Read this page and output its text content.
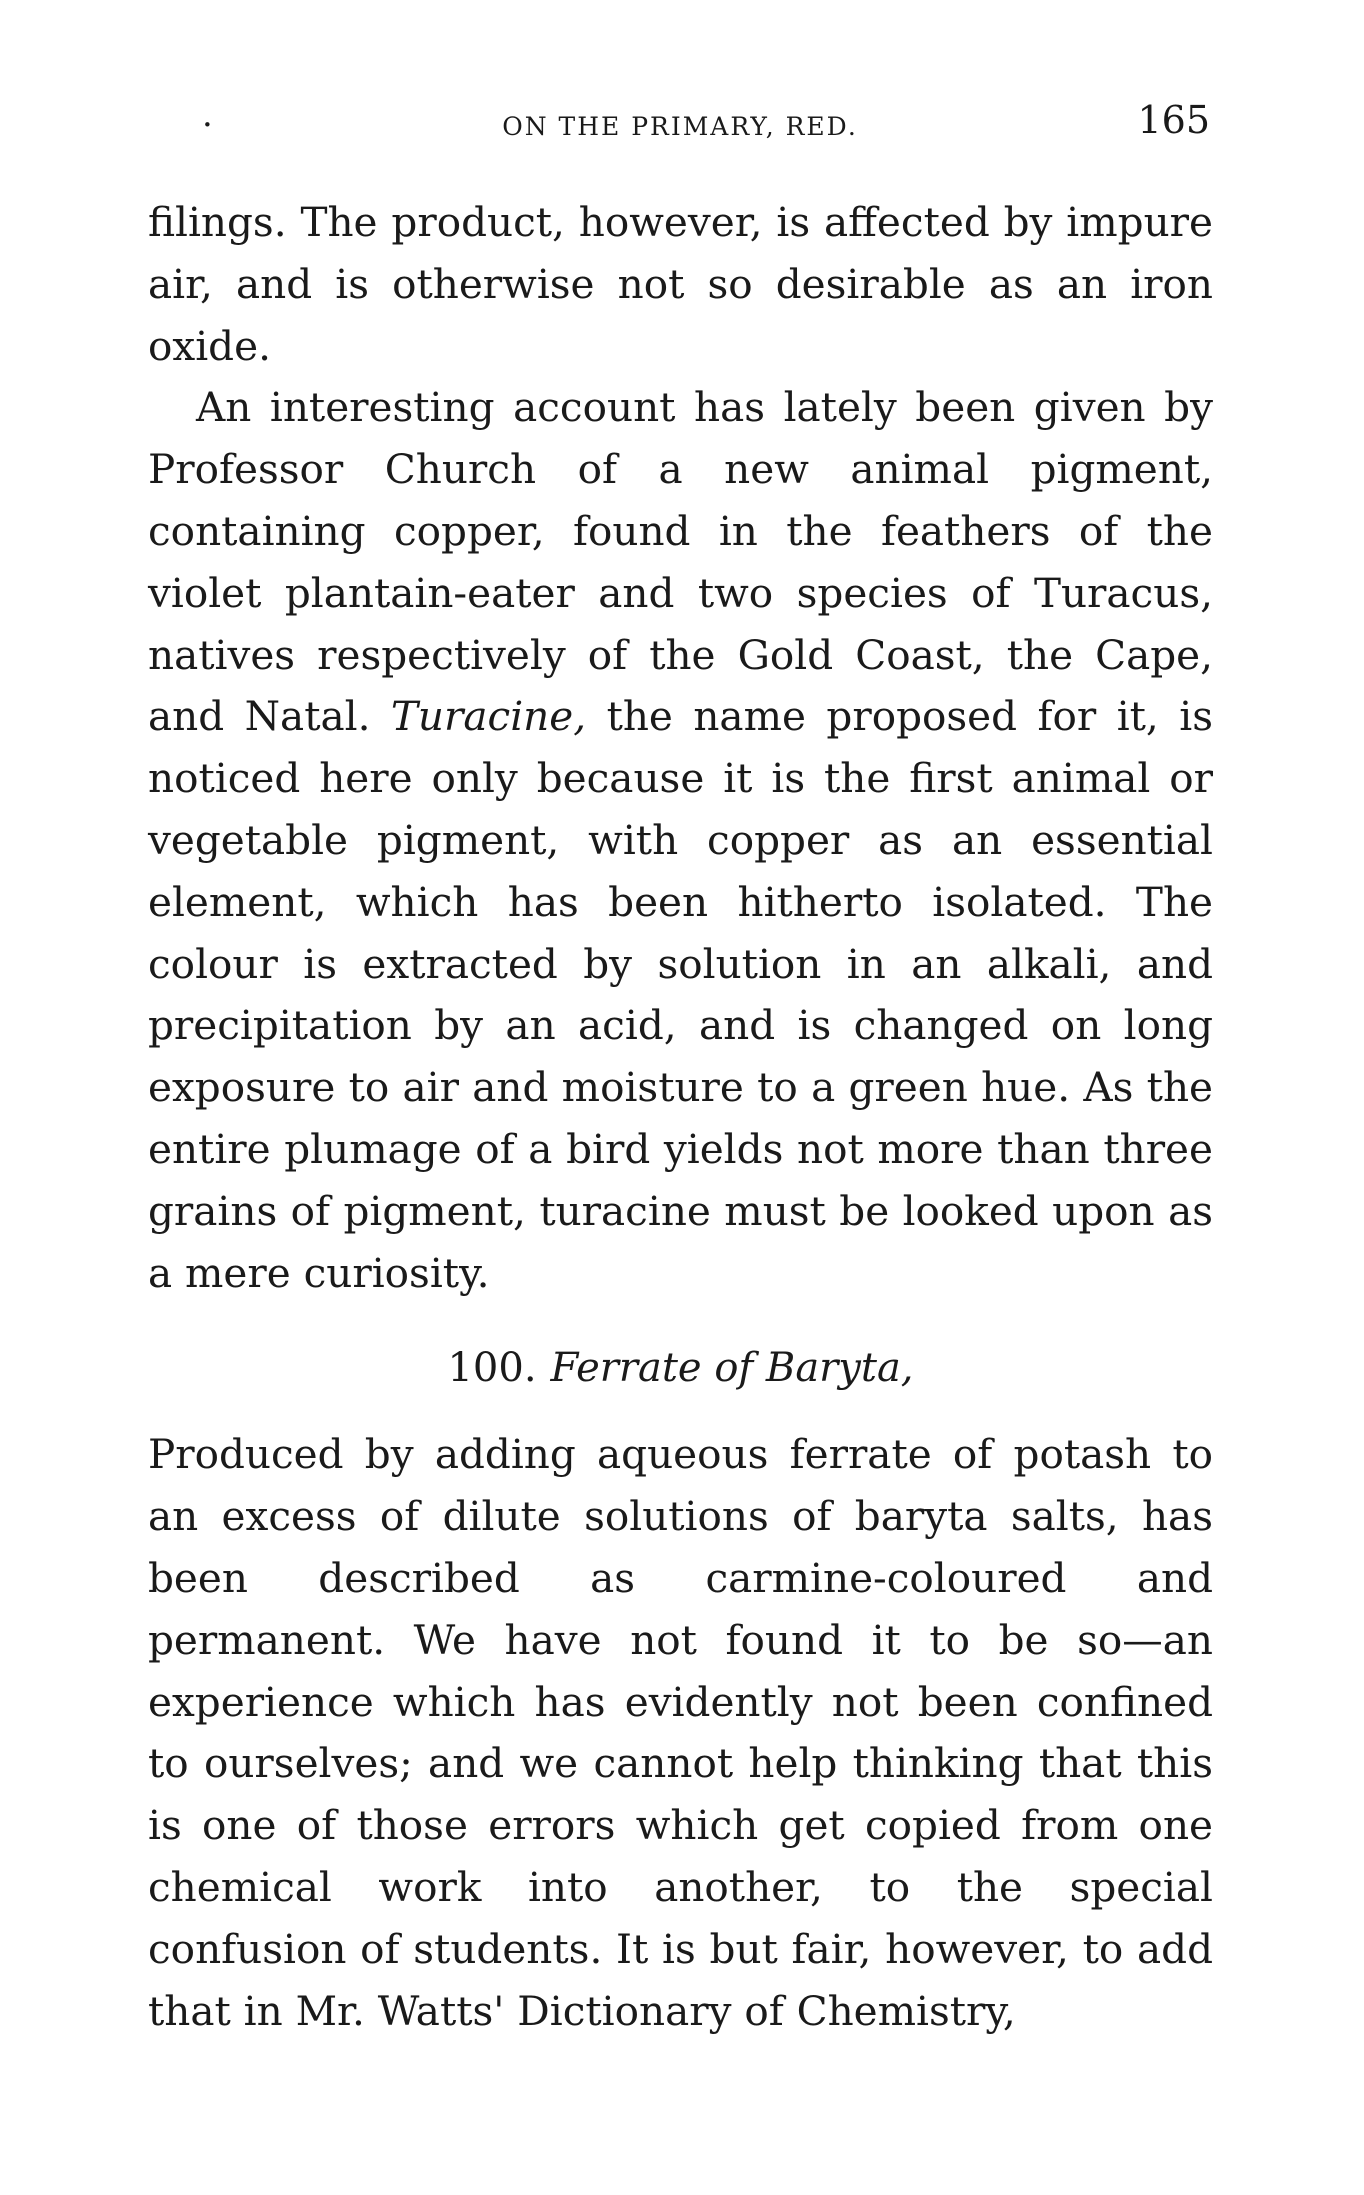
·	ON THE PRIMARY, RED.	165

filings. The product, however, is affected by impure air, and is otherwise not so desirable as an iron oxide.

An interesting account has lately been given by Professor Church of a new animal pigment, containing copper, found in the feathers of the violet plantain-eater and two species of Turacus, natives respectively of the Gold Coast, the Cape, and Natal. Turacine, the name proposed for it, is noticed here only because it is the first animal or vegetable pigment, with copper as an essential element, which has been hitherto isolated. The colour is extracted by solution in an alkali, and precipitation by an acid, and is changed on long exposure to air and moisture to a green hue. As the entire plumage of a bird yields not more than three grains of pigment, turacine must be looked upon as a mere curiosity.

100. Ferrate of Baryta,

Produced by adding aqueous ferrate of potash to an excess of dilute solutions of baryta salts, has been described as carmine-coloured and permanent. We have not found it to be so—an experience which has evidently not been confined to ourselves; and we cannot help thinking that this is one of those errors which get copied from one chemical work into another, to the special confusion of students. It is but fair, however, to add that in Mr. Watts' Dictionary of Chemistry,
